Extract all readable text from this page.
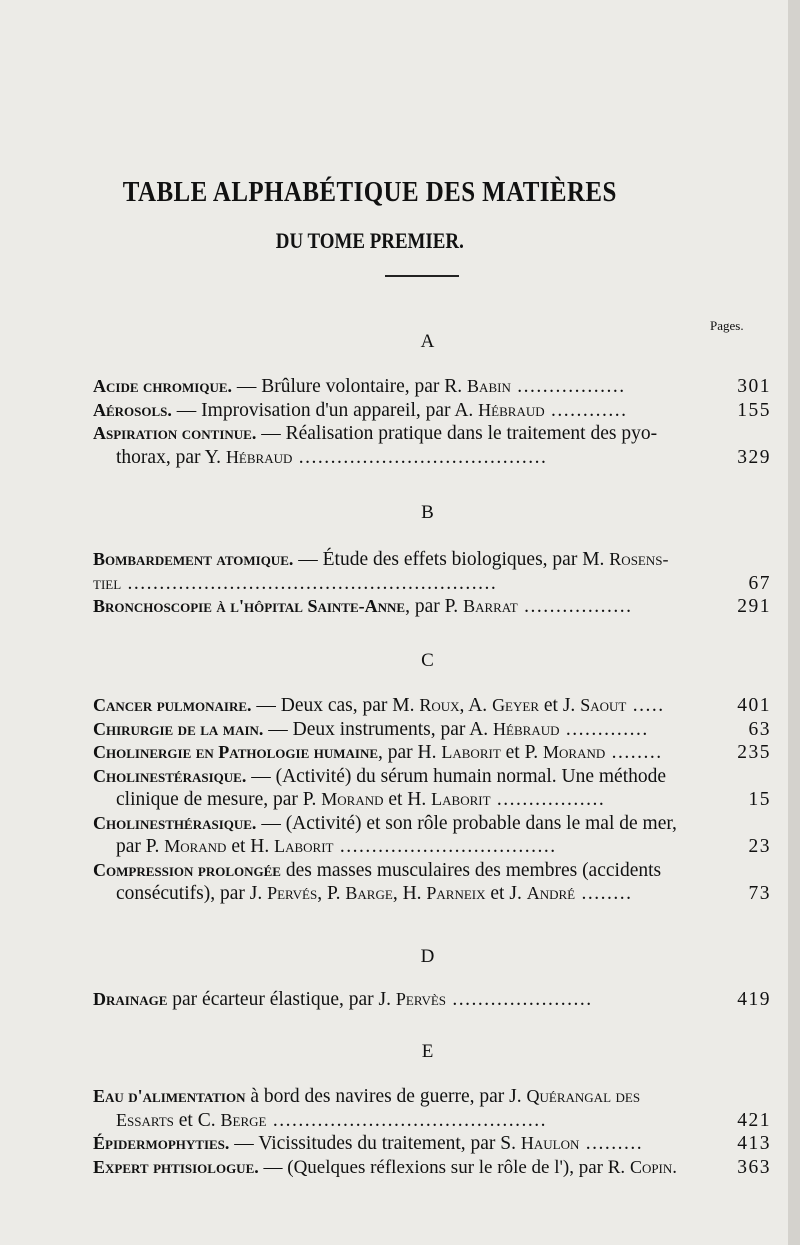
TABLE ALPHABÉTIQUE DES MATIÈRES
DU TOME PREMIER.
Pages.
A
Acide chromique. — Brûlure volontaire, par R. Babin .................	301
Aérosols. — Improvisation d'un appareil, par A. Hébraud ............	155
Aspiration continue. — Réalisation pratique dans le traitement des pyo-
thorax, par Y. Hébraud .......................................	329
B
Bombardement atomique. — Étude des effets biologiques, par M. Rosens-
tiel ..........................................................	67
Bronchoscopie à l'hôpital Sainte-Anne, par P. Barrat .................	291
C
Cancer pulmonaire. — Deux cas, par M. Roux, A. Geyer et J. Saout .....	401
Chirurgie de la main. — Deux instruments, par A. Hébraud .............	63
Cholinergie en Pathologie humaine, par H. Laborit et P. Morand ........	235
Cholinestérasique. — (Activité) du sérum humain normal. Une méthode
clinique de mesure, par P. Morand et H. Laborit .................	15
Cholinesthérasique. — (Activité) et son rôle probable dans le mal de mer,
par P. Morand et H. Laborit ..................................	23
Compression prolongée des masses musculaires des membres (accidents
consécutifs), par J. Pervés, P. Barge, H. Parneix et J. André ........	73
D
Drainage par écarteur élastique, par J. Pervès ......................	419
E
Eau d'alimentation à bord des navires de guerre, par J. Quérangal des
Essarts et C. Berge ...........................................	421
Épidermophyties. — Vicissitudes du traitement, par S. Haulon .........	413
Expert phtisiologue. — (Quelques réflexions sur le rôle de l'), par R. Copin.	363
